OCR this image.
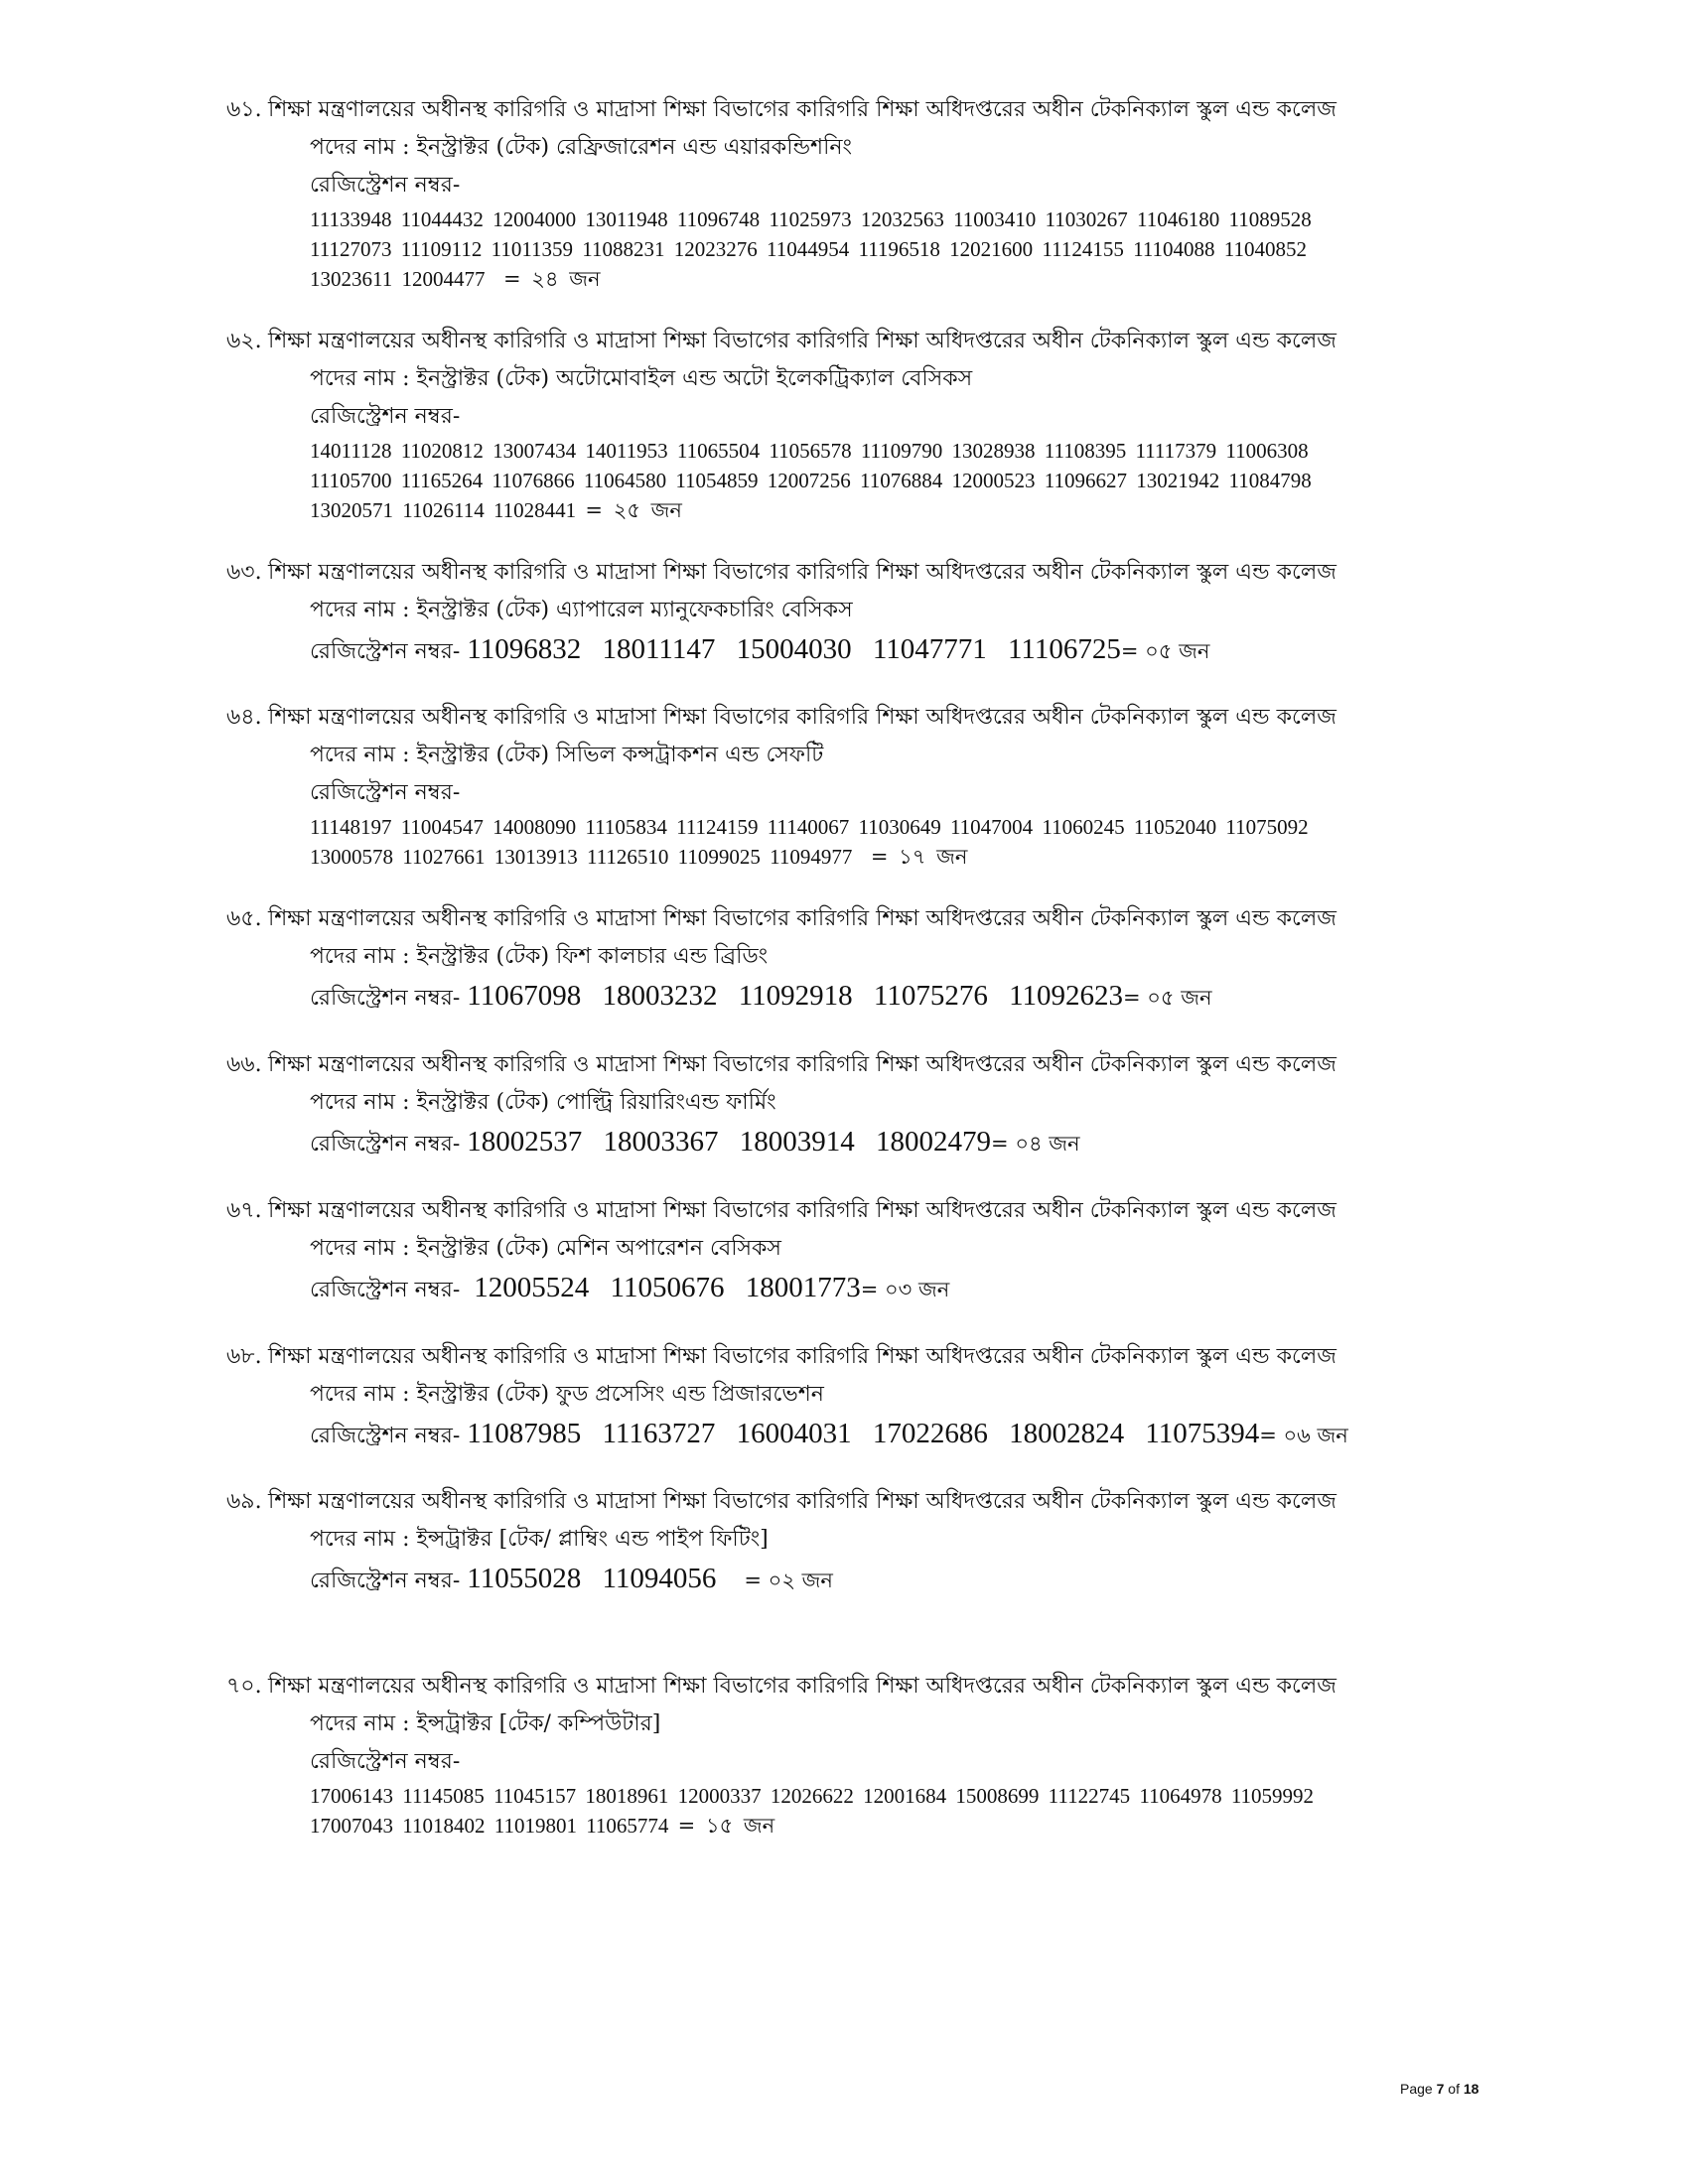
৬১. শিক্ষা মন্ত্রণালয়ের অধীনস্থ কারিগরি ও মাদ্রাসা শিক্ষা বিভাগের কারিগরি শিক্ষা অধিদপ্তরের অধীন টেকনিক্যাল স্কুল এন্ড কলেজ
পদের নাম : ইনস্ট্রাক্টর (টেক) রেফ্রিজারেশন এন্ড এয়ারকন্ডিশনিং
রেজিস্ট্রেশন নম্বর-
11133948 11044432 12004000 13011948 11096748 11025973 12032563 11003410 11030267 11046180 11089528
11127073 11109112 11011359 11088231 12023276 11044954 11196518 12021600 11124155 11104088 11040852
13023611 12004477 = ২৪ জন
৬২. শিক্ষা মন্ত্রণালয়ের অধীনস্থ কারিগরি ও মাদ্রাসা শিক্ষা বিভাগের কারিগরি শিক্ষা অধিদপ্তরের অধীন টেকনিক্যাল স্কুল এন্ড কলেজ
পদের নাম : ইনস্ট্রাক্টর (টেক) অটোমোবাইল এন্ড অটো ইলেকট্রিক্যাল বেসিকস
রেজিস্ট্রেশন নম্বর-
14011128 11020812 13007434 14011953 11065504 11056578 11109790 13028938 11108395 11117379 11006308
11105700 11165264 11076866 11064580 11054859 12007256 11076884 12000523 11096627 13021942 11084798
13020571 11026114 11028441 = ২৫ জন
৬৩. শিক্ষা মন্ত্রণালয়ের অধীনস্থ কারিগরি ও মাদ্রাসা শিক্ষা বিভাগের কারিগরি শিক্ষা অধিদপ্তরের অধীন টেকনিক্যাল স্কুল এন্ড কলেজ
পদের নাম : ইনস্ট্রাক্টর (টেক) এ্যাপারেল ম্যানুফেকচারিং বেসিকস
রেজিস্ট্রেশন নম্বর- 11096832 18011147 15004030 11047771 11106725= ০৫ জন
৬৪. শিক্ষা মন্ত্রণালয়ের অধীনস্থ কারিগরি ও মাদ্রাসা শিক্ষা বিভাগের কারিগরি শিক্ষা অধিদপ্তরের অধীন টেকনিক্যাল স্কুল এন্ড কলেজ
পদের নাম : ইনস্ট্রাক্টর (টেক) সিভিল কন্সট্রাকশন এন্ড সেফটি
রেজিস্ট্রেশন নম্বর-
11148197 11004547 14008090 11105834 11124159 11140067 11030649 11047004 11060245 11052040 11075092
13000578 11027661 13013913 11126510 11099025 11094977 = ১৭ জন
৬৫. শিক্ষা মন্ত্রণালয়ের অধীনস্থ কারিগরি ও মাদ্রাসা শিক্ষা বিভাগের কারিগরি শিক্ষা অধিদপ্তরের অধীন টেকনিক্যাল স্কুল এন্ড কলেজ
পদের নাম : ইনস্ট্রাক্টর (টেক) ফিশ কালচার এন্ড ব্রিডিং
রেজিস্ট্রেশন নম্বর- 11067098 18003232 11092918 11075276 11092623= ০৫ জন
৬৬. শিক্ষা মন্ত্রণালয়ের অধীনস্থ কারিগরি ও মাদ্রাসা শিক্ষা বিভাগের কারিগরি শিক্ষা অধিদপ্তরের অধীন টেকনিক্যাল স্কুল এন্ড কলেজ
পদের নাম : ইনস্ট্রাক্টর (টেক) পোল্ট্রি রিয়ারিংএন্ড ফার্মিং
রেজিস্ট্রেশন নম্বর- 18002537 18003367 18003914 18002479= ০৪ জন
৬৭. শিক্ষা মন্ত্রণালয়ের অধীনস্থ কারিগরি ও মাদ্রাসা শিক্ষা বিভাগের কারিগরি শিক্ষা অধিদপ্তরের অধীন টেকনিক্যাল স্কুল এন্ড কলেজ
পদের নাম : ইনস্ট্রাক্টর (টেক) মেশিন অপারেশন বেসিকস
রেজিস্ট্রেশন নম্বর- 12005524 11050676 18001773= ০৩ জন
৬৮. শিক্ষা মন্ত্রণালয়ের অধীনস্থ কারিগরি ও মাদ্রাসা শিক্ষা বিভাগের কারিগরি শিক্ষা অধিদপ্তরের অধীন টেকনিক্যাল স্কুল এন্ড কলেজ
পদের নাম : ইনস্ট্রাক্টর (টেক) ফুড প্রসেসিং এন্ড প্রিজারভেশন
রেজিস্ট্রেশন নম্বর- 11087985 11163727 16004031 17022686 18002824 11075394= ০৬ জন
৬৯. শিক্ষা মন্ত্রণালয়ের অধীনস্থ কারিগরি ও মাদ্রাসা শিক্ষা বিভাগের কারিগরি শিক্ষা অধিদপ্তরের অধীন টেকনিক্যাল স্কুল এন্ড কলেজ
পদের নাম : ইন্সট্রাক্টর [টেক/ প্লাম্বিং এন্ড পাইপ ফিটিং]
রেজিস্ট্রেশন নম্বর- 11055028 11094056 = ০২ জন
৭০. শিক্ষা মন্ত্রণালয়ের অধীনস্থ কারিগরি ও মাদ্রাসা শিক্ষা বিভাগের কারিগরি শিক্ষা অধিদপ্তরের অধীন টেকনিক্যাল স্কুল এন্ড কলেজ
পদের নাম : ইন্সট্রাক্টর [টেক/ কম্পিউটার]
রেজিস্ট্রেশন নম্বর-
17006143 11145085 11045157 18018961 12000337 12026622 12001684 15008699 11122745 11064978 11059992
17007043 11018402 11019801 11065774 = ১৫ জন
Page 7 of 18
